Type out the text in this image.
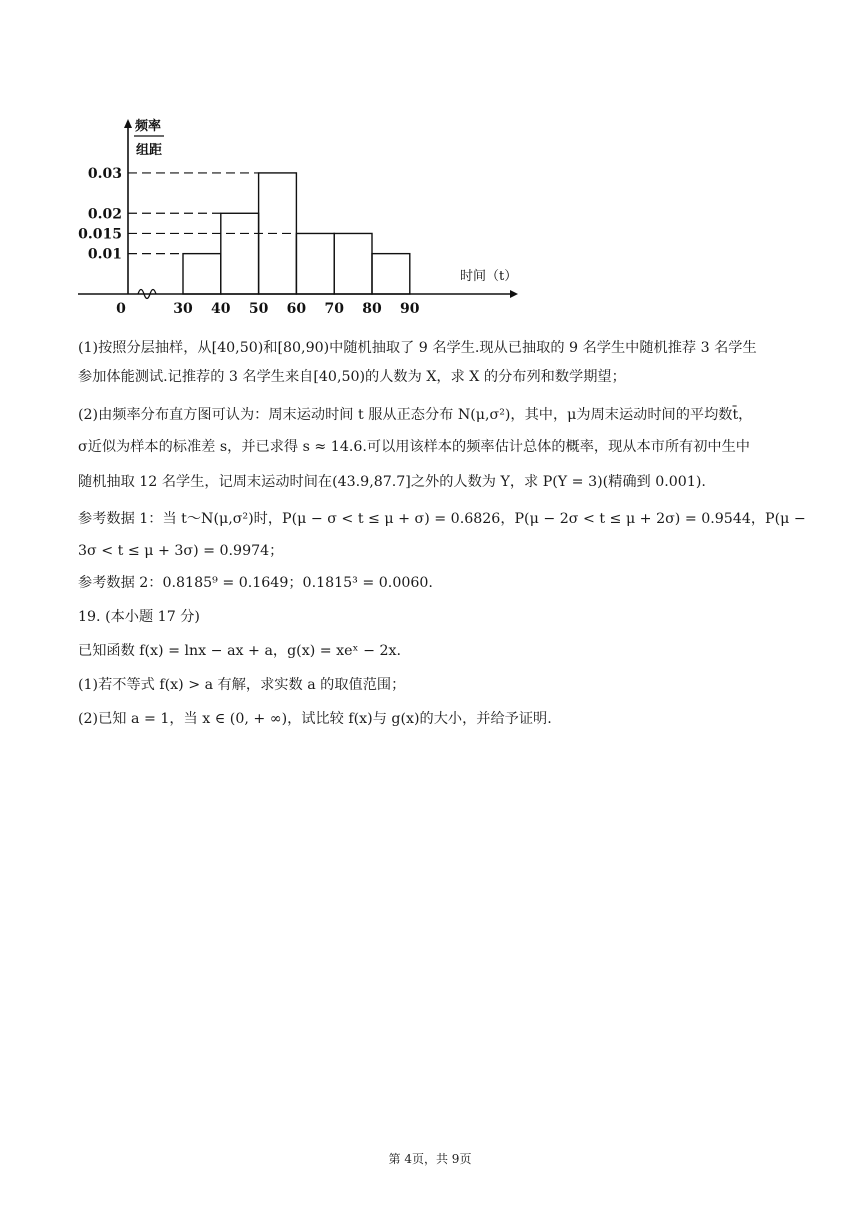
0.03
0.02
0.015
0.01
30 40 50 60 70 80 90
0
频率
组距
时间（t）
(1)按照分层抽样，从[40,50)和[80,90)中随机抽取了 9 名学生.现从已抽取的 9 名学生中随机推荐 3 名学生
参加体能测试.记推荐的 3 名学生来自[40,50)的人数为 X，求 X 的分布列和数学期望；
(2)由频率分布直方图可认为：周末运动时间 t 服从正态分布 N(μ,σ²)，其中，μ为周末运动时间的平均数t̄，
σ近似为样本的标准差 s，并已求得 s ≈ 14.6.可以用该样本的频率估计总体的概率，现从本市所有初中生中
随机抽取 12 名学生，记周末运动时间在(43.9,87.7]之外的人数为 Y，求 P(Y = 3)(精确到 0.001).
参考数据 1：当 t～N(μ,σ²)时，P(μ − σ < t ≤ μ + σ) = 0.6826，P(μ − 2σ < t ≤ μ + 2σ) = 0.9544，P(μ −
3σ < t ≤ μ + 3σ) = 0.9974；
参考数据 2：0.8185⁹ = 0.1649；0.1815³ = 0.0060.
19. (本小题 17 分)
已知函数 f(x) = lnx − ax + a，g(x) = xeˣ − 2x.
(1)若不等式 f(x) > a 有解，求实数 a 的取值范围；
(2)已知 a = 1，当 x ∈ (0, + ∞)，试比较 f(x)与 g(x)的大小，并给予证明.
第 4页，共 9页
